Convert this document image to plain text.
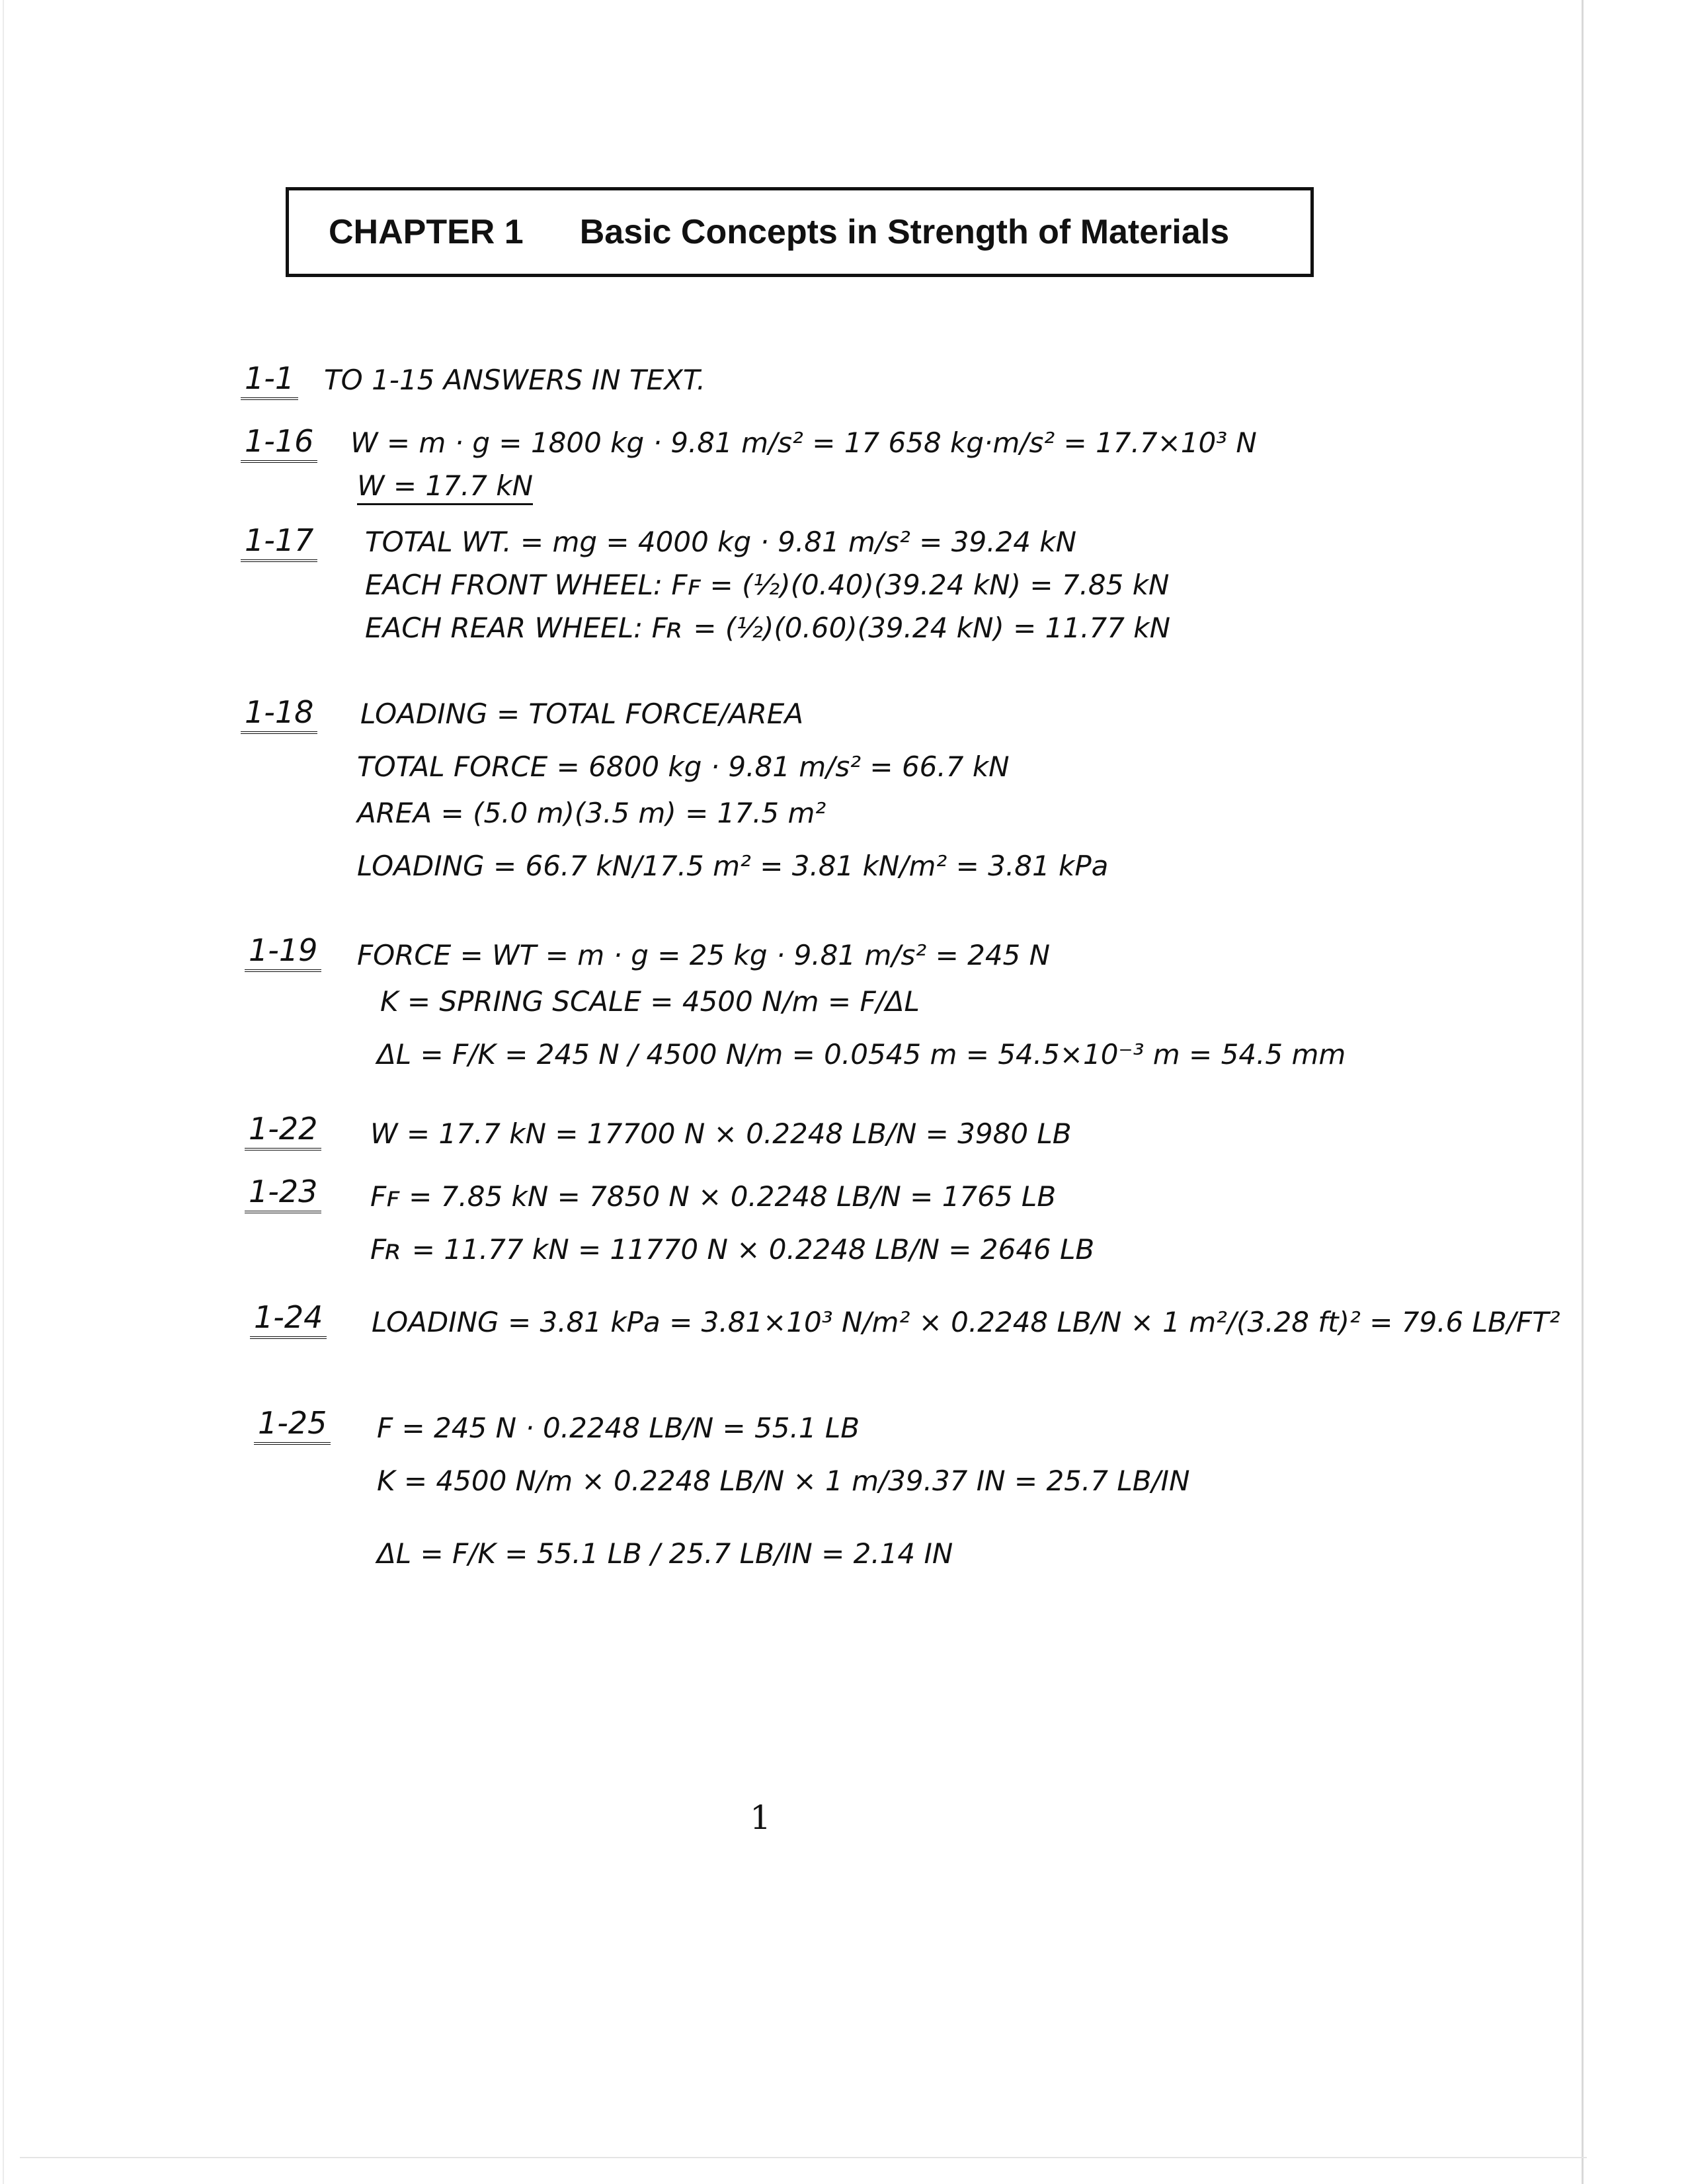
CHAPTER 1 Basic Concepts in Strength of Materials
1-1 TO 1-15 ANSWERS IN TEXT.
1-16 W = m · g = 1800 kg · 9.81 m/s² = 17 658 kg·m/s² = 17.7×10³ N
W = 17.7 kN
1-17 TOTAL WT. = mg = 4000 kg · 9.81 m/s² = 39.24 kN
EACH FRONT WHEEL: Fꜰ = (½)(0.40)(39.24 kN) = 7.85 kN
EACH REAR WHEEL: Fʀ = (½)(0.60)(39.24 kN) = 11.77 kN
1-18 LOADING = TOTAL FORCE/AREA
TOTAL FORCE = 6800 kg · 9.81 m/s² = 66.7 kN
AREA = (5.0 m)(3.5 m) = 17.5 m²
LOADING = 66.7 kN/17.5 m² = 3.81 kN/m² = 3.81 kPa
1-19 FORCE = WT = m · g = 25 kg · 9.81 m/s² = 245 N
K = SPRING SCALE = 4500 N/m = F/ΔL
ΔL = F/K = 245 N / 4500 N/m = 0.0545 m = 54.5×10⁻³ m = 54.5 mm
1-22 W = 17.7 kN = 17700 N × 0.2248 LB/N = 3980 LB
1-23 Fꜰ = 7.85 kN = 7850 N × 0.2248 LB/N = 1765 LB
Fʀ = 11.77 kN = 11770 N × 0.2248 LB/N = 2646 LB
1-24 LOADING = 3.81 kPa = 3.81×10³ N/m² × 0.2248 LB/N × 1 m²/(3.28 ft)² = 79.6 LB/FT²
1-25 F = 245 N · 0.2248 LB/N = 55.1 LB
K = 4500 N/m × 0.2248 LB/N × 1 m/39.37 IN = 25.7 LB/IN
ΔL = F/K = 55.1 LB / 25.7 LB/IN = 2.14 IN
1
